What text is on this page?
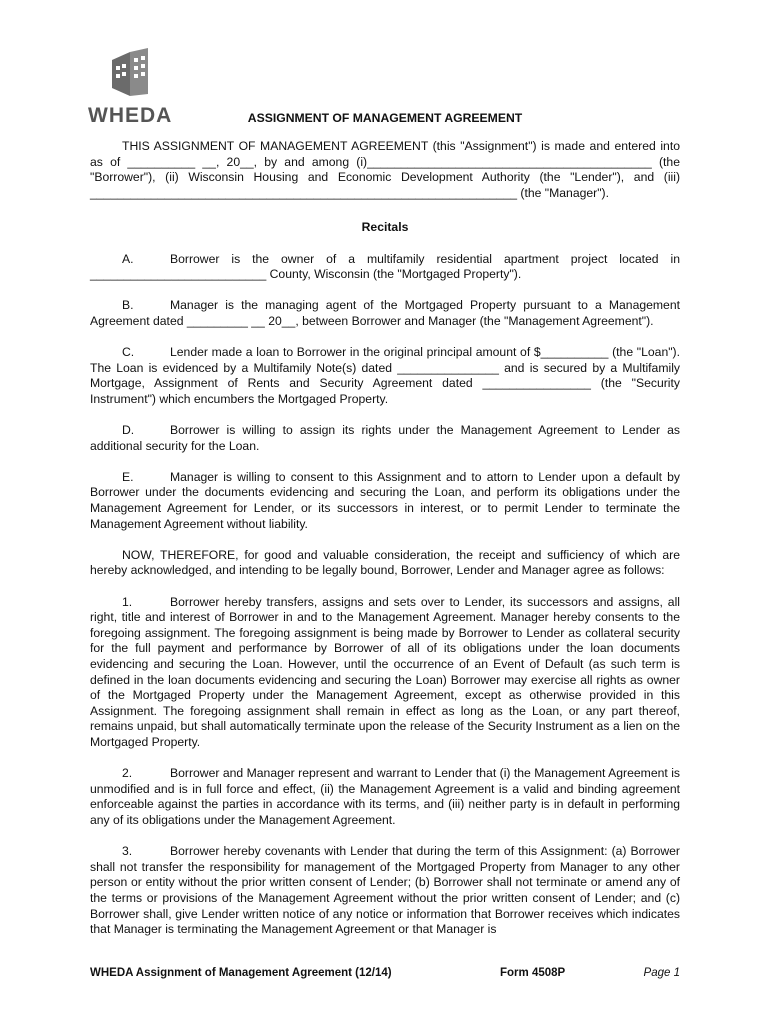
WHEDA	ASSIGNMENT OF MANAGEMENT AGREEMENT

THIS ASSIGNMENT OF MANAGEMENT AGREEMENT (this "Assignment") is made and entered into as of __________ __, 20__, by and among (i)__________________________________________ (the "Borrower"), (ii) Wisconsin Housing and Economic Development Authority (the "Lender"), and (iii) _______________________________________________________________ (the "Manager").

Recitals

A.	Borrower is the owner of a multifamily residential apartment project located in __________________________ County, Wisconsin (the "Mortgaged Property").

B.	Manager is the managing agent of the Mortgaged Property pursuant to a Management Agreement dated _________ __ 20__, between Borrower and Manager (the "Management Agreement").

C.	Lender made a loan to Borrower in the original principal amount of $__________ (the "Loan"). The Loan is evidenced by a Multifamily Note(s) dated _______________ and is secured by a Multifamily Mortgage, Assignment of Rents and Security Agreement dated ________________ (the "Security Instrument") which encumbers the Mortgaged Property.

D.	Borrower is willing to assign its rights under the Management Agreement to Lender as additional security for the Loan.

E.	Manager is willing to consent to this Assignment and to attorn to Lender upon a default by Borrower under the documents evidencing and securing the Loan, and perform its obligations under the Management Agreement for Lender, or its successors in interest, or to permit Lender to terminate the Management Agreement without liability.

NOW, THEREFORE, for good and valuable consideration, the receipt and sufficiency of which are hereby acknowledged, and intending to be legally bound, Borrower, Lender and Manager agree as follows:

1.	Borrower hereby transfers, assigns and sets over to Lender, its successors and assigns, all right, title and interest of Borrower in and to the Management Agreement. Manager hereby consents to the foregoing assignment. The foregoing assignment is being made by Borrower to Lender as collateral security for the full payment and performance by Borrower of all of its obligations under the loan documents evidencing and securing the Loan. However, until the occurrence of an Event of Default (as such term is defined in the loan documents evidencing and securing the Loan) Borrower may exercise all rights as owner of the Mortgaged Property under the Management Agreement, except as otherwise provided in this Assignment. The foregoing assignment shall remain in effect as long as the Loan, or any part thereof, remains unpaid, but shall automatically terminate upon the release of the Security Instrument as a lien on the Mortgaged Property.

2.	Borrower and Manager represent and warrant to Lender that (i) the Management Agreement is unmodified and is in full force and effect, (ii) the Management Agreement is a valid and binding agreement enforceable against the parties in accordance with its terms, and (iii) neither party is in default in performing any of its obligations under the Management Agreement.

3.	Borrower hereby covenants with Lender that during the term of this Assignment: (a) Borrower shall not transfer the responsibility for management of the Mortgaged Property from Manager to any other person or entity without the prior written consent of Lender; (b) Borrower shall not terminate or amend any of the terms or provisions of the Management Agreement without the prior written consent of Lender; and (c) Borrower shall, give Lender written notice of any notice or information that Borrower receives which indicates that Manager is terminating the Management Agreement or that Manager is

WHEDA Assignment of Management Agreement (12/14)	Form 4508P	Page 1
